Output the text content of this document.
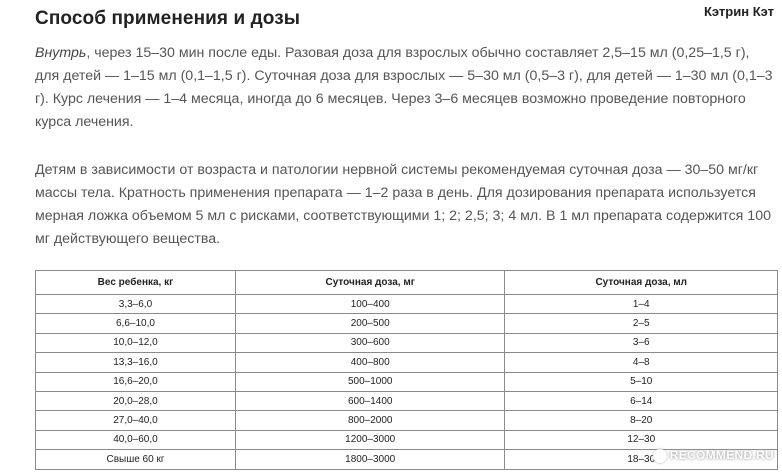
Кэтрин Кэт
Способ применения и дозы

Внутрь, через 15–30 мин после еды. Разовая доза для взрослых обычно составляет 2,5–15 мл (0,25–1,5 г), для детей — 1–15 мл (0,1–1,5 г). Суточная доза для взрослых — 5–30 мл (0,5–3 г), для детей — 1–30 мл (0,1–3 г). Курс лечения — 1–4 месяца, иногда до 6 месяцев. Через 3–6 месяцев возможно проведение повторного курса лечения.

Детям в зависимости от возраста и патологии нервной системы рекомендуемая суточная доза — 30–50 мг/кг массы тела. Кратность применения препарата — 1–2 раза в день. Для дозирования препарата используется мерная ложка объемом 5 мл с рисками, соответствующими 1; 2; 2,5; 3; 4 мл. В 1 мл препарата содержится 100 мг действующего вещества.

Вес ребенка, кг	Суточная доза, мг	Суточная доза, мл
3,3–6,0	100–400	1–4
6,6–10,0	200–500	2–5
10,0–12,0	300–600	3–6
13,3–16,0	400–800	4–8
16,6–20,0	500–1000	5–10
20,0–28,0	600–1400	6–14
27,0–40,0	800–2000	8–20
40,0–60,0	1200–3000	12–30
Свыше 60 кг	1800–3000	18–30	RECOMMEND.RU
